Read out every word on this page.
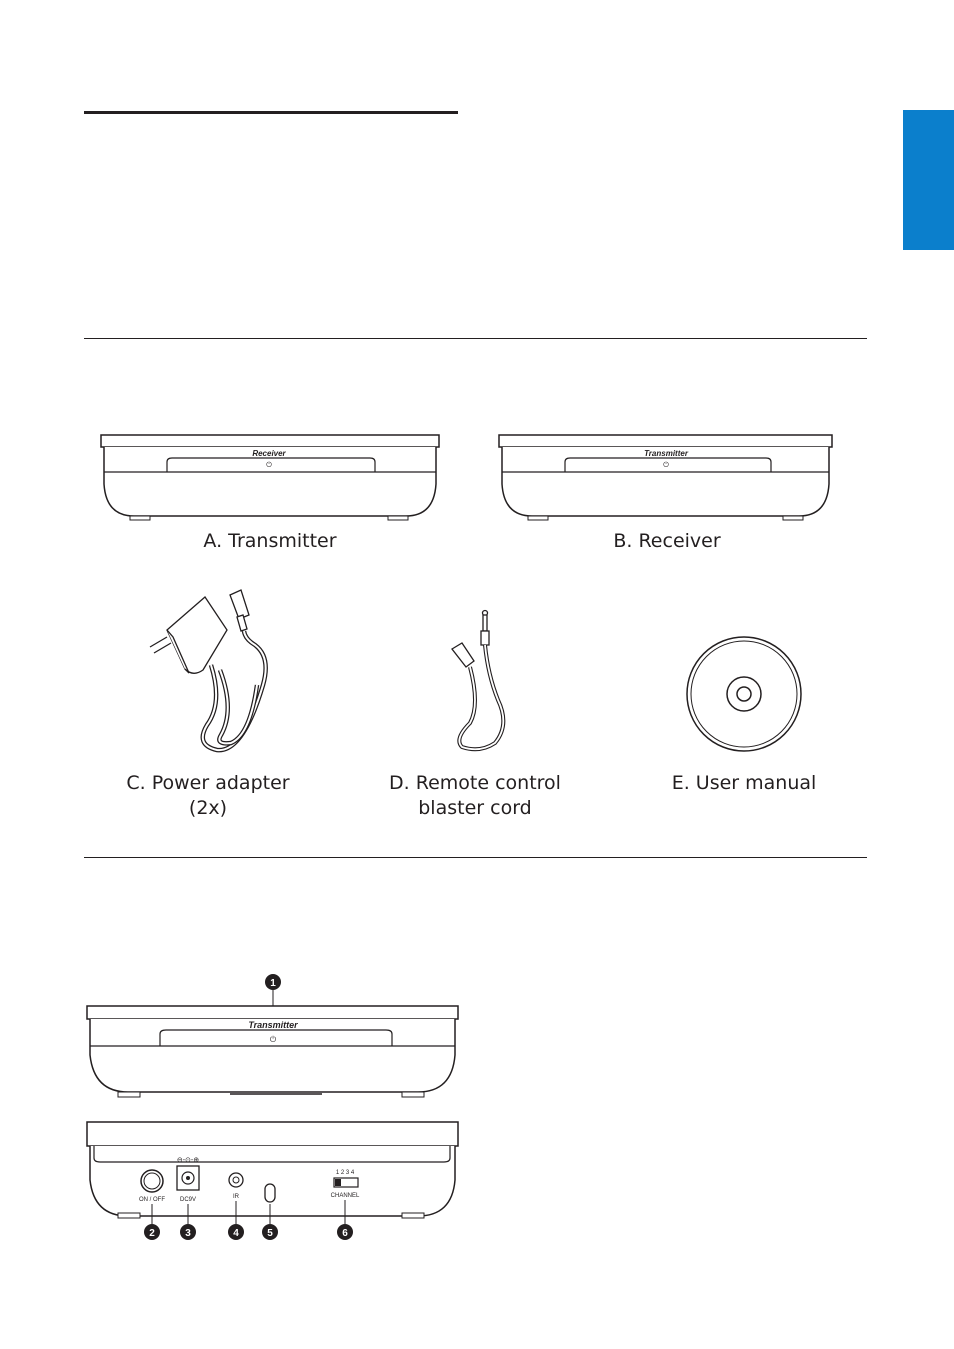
Receiver
⏻
A. Transmitter
Transmitter
⏻
B. Receiver
C. Power adapter
(2x)
D. Remote control
blaster cord
E. User manual
1
Transmitter
⏻
ON / OFF
⊖-⊙-⊕
DC9V	IR
1 2 3 4
CHANNEL
2	3	4	5	6
